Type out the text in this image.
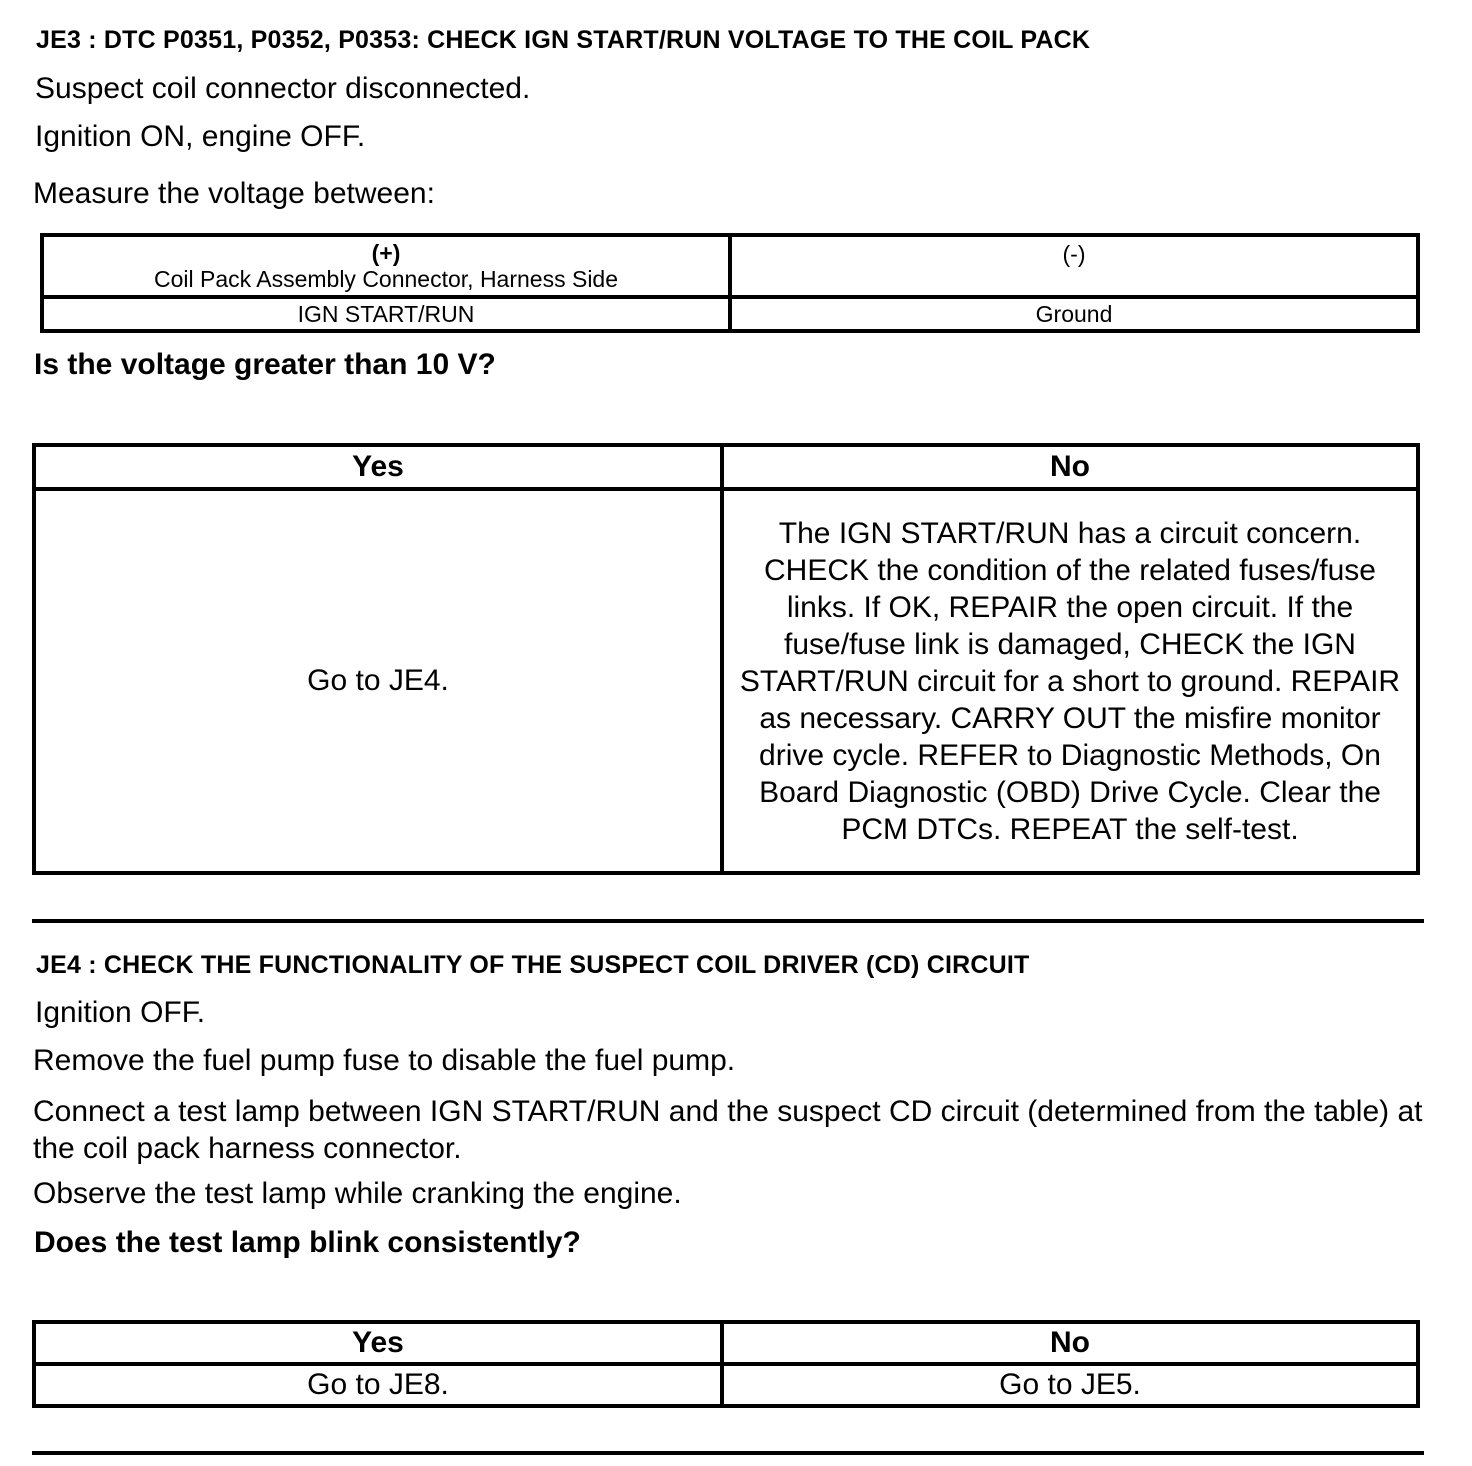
JE3 : DTC P0351, P0352, P0353: CHECK IGN START/RUN VOLTAGE TO THE COIL PACK
Suspect coil connector disconnected.
Ignition ON, engine OFF.
Measure the voltage between:
(+)
Coil Pack Assembly Connector, Harness Side	(-)

IGN START/RUN	Ground
Is the voltage greater than 10 V?
Yes	No
Go to JE4.	The IGN START/RUN has a circuit concern. CHECK the condition of the related fuses/fuse links. If OK, REPAIR the open circuit. If the fuse/fuse link is damaged, CHECK the IGN START/RUN circuit for a short to ground. REPAIR as necessary. CARRY OUT the misfire monitor drive cycle. REFER to Diagnostic Methods, On Board Diagnostic (OBD) Drive Cycle. Clear the PCM DTCs. REPEAT the self-test.
JE4 : CHECK THE FUNCTIONALITY OF THE SUSPECT COIL DRIVER (CD) CIRCUIT
Ignition OFF.
Remove the fuel pump fuse to disable the fuel pump.
Connect a test lamp between IGN START/RUN and the suspect CD circuit (determined from the table) at the coil pack harness connector.
Observe the test lamp while cranking the engine.
Does the test lamp blink consistently?
Yes	No
Go to JE8.	Go to JE5.
